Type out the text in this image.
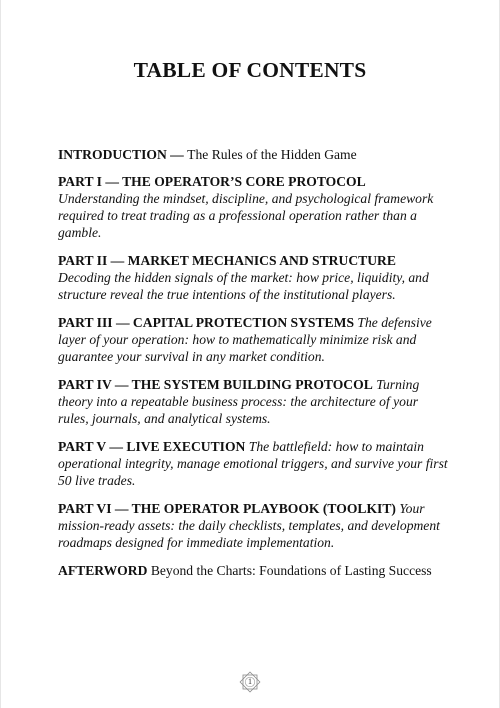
TABLE OF CONTENTS
INTRODUCTION — The Rules of the Hidden Game
PART I — THE OPERATOR’S CORE PROTOCOL
Understanding the mindset, discipline, and psychological framework required to treat trading as a professional operation rather than a gamble.
PART II — MARKET MECHANICS AND STRUCTURE
Decoding the hidden signals of the market: how price, liquidity, and structure reveal the true intentions of the institutional players.
PART III — CAPITAL PROTECTION SYSTEMS The defensive layer of your operation: how to mathematically minimize risk and guarantee your survival in any market condition.
PART IV — THE SYSTEM BUILDING PROTOCOL Turning theory into a repeatable business process: the architecture of your rules, journals, and analytical systems.
PART V — LIVE EXECUTION The battlefield: how to maintain operational integrity, manage emotional triggers, and survive your first 50 live trades.
PART VI — THE OPERATOR PLAYBOOK (TOOLKIT) Your mission-ready assets: the daily checklists, templates, and development roadmaps designed for immediate implementation.
AFTERWORD Beyond the Charts: Foundations of Lasting Success
1
